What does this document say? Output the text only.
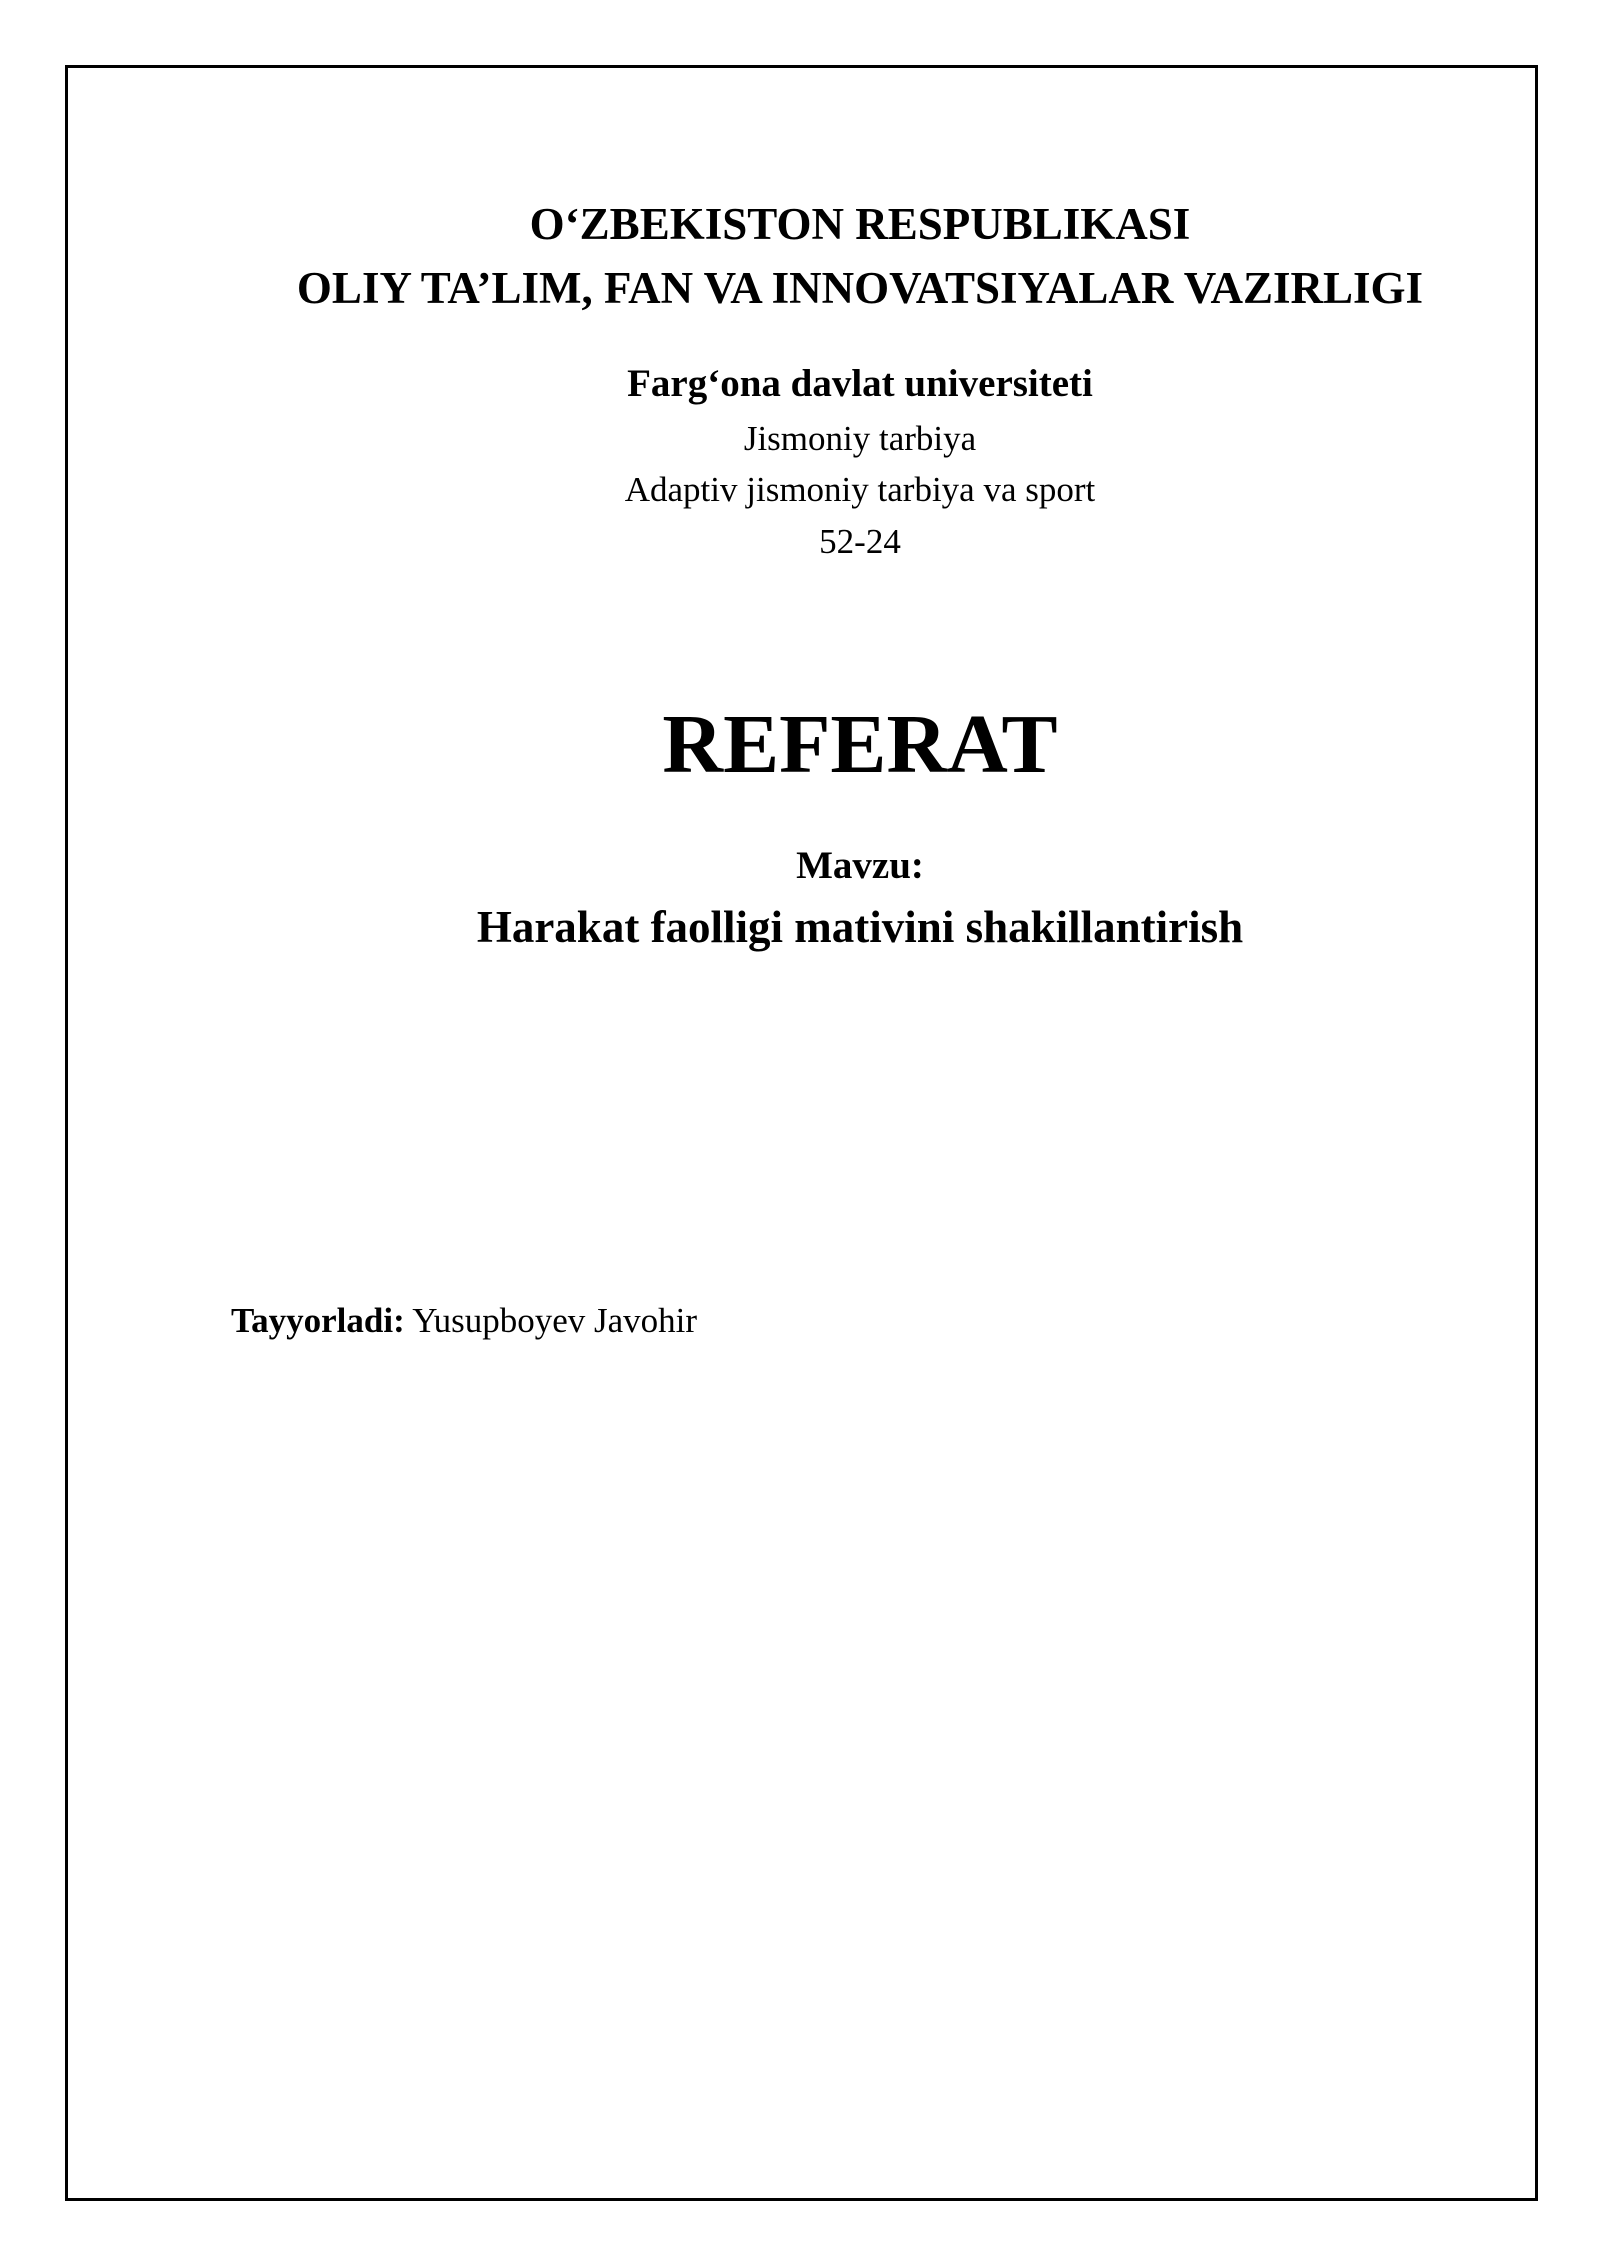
O‘ZBEKISTON RESPUBLIKASI
OLIY TA’LIM, FAN VA INNOVATSIYALAR VAZIRLIGI
Farg‘ona davlat universiteti
Jismoniy tarbiya
Adaptiv jismoniy tarbiya va sport
52-24
REFERAT
Mavzu:
Harakat faolligi mativini shakillantirish
Tayyorladi: Yusupboyev Javohir
